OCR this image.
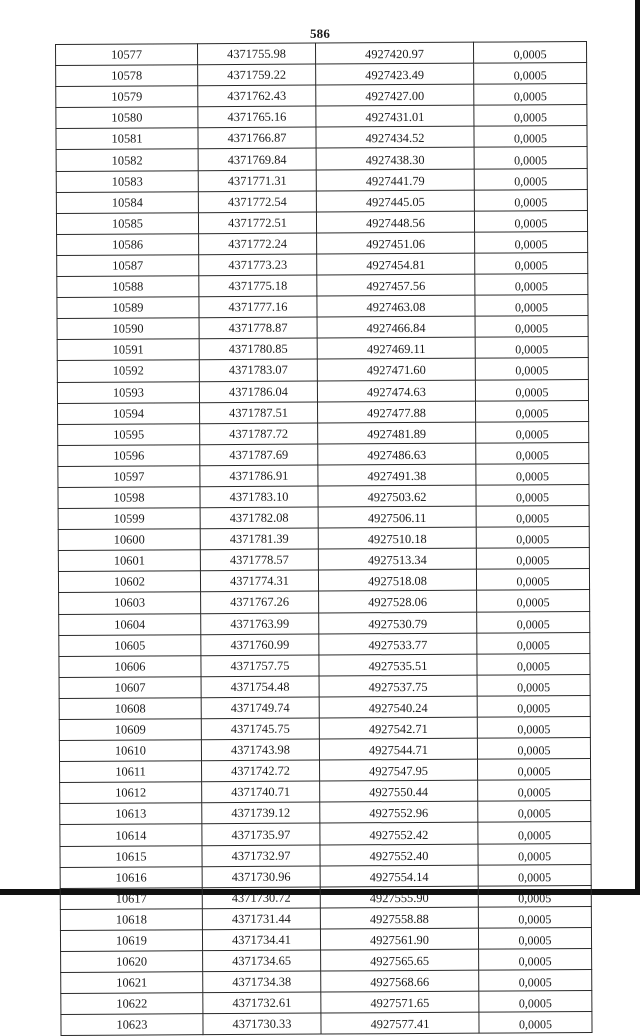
586
10577	4371755.98	4927420.97	0,0005
10578	4371759.22	4927423.49	0,0005
10579	4371762.43	4927427.00	0,0005
10580	4371765.16	4927431.01	0,0005
10581	4371766.87	4927434.52	0,0005
10582	4371769.84	4927438.30	0,0005
10583	4371771.31	4927441.79	0,0005
10584	4371772.54	4927445.05	0,0005
10585	4371772.51	4927448.56	0,0005
10586	4371772.24	4927451.06	0,0005
10587	4371773.23	4927454.81	0,0005
10588	4371775.18	4927457.56	0,0005
10589	4371777.16	4927463.08	0,0005
10590	4371778.87	4927466.84	0,0005
10591	4371780.85	4927469.11	0,0005
10592	4371783.07	4927471.60	0,0005
10593	4371786.04	4927474.63	0,0005
10594	4371787.51	4927477.88	0,0005
10595	4371787.72	4927481.89	0,0005
10596	4371787.69	4927486.63	0,0005
10597	4371786.91	4927491.38	0,0005
10598	4371783.10	4927503.62	0,0005
10599	4371782.08	4927506.11	0,0005
10600	4371781.39	4927510.18	0,0005
10601	4371778.57	4927513.34	0,0005
10602	4371774.31	4927518.08	0,0005
10603	4371767.26	4927528.06	0,0005
10604	4371763.99	4927530.79	0,0005
10605	4371760.99	4927533.77	0,0005
10606	4371757.75	4927535.51	0,0005
10607	4371754.48	4927537.75	0,0005
10608	4371749.74	4927540.24	0,0005
10609	4371745.75	4927542.71	0,0005
10610	4371743.98	4927544.71	0,0005
10611	4371742.72	4927547.95	0,0005
10612	4371740.71	4927550.44	0,0005
10613	4371739.12	4927552.96	0,0005
10614	4371735.97	4927552.42	0,0005
10615	4371732.97	4927552.40	0,0005
10616	4371730.96	4927554.14	0,0005
10617	4371730.72	4927555.90	0,0005
10618	4371731.44	4927558.88	0,0005
10619	4371734.41	4927561.90	0,0005
10620	4371734.65	4927565.65	0,0005
10621	4371734.38	4927568.66	0,0005
10622	4371732.61	4927571.65	0,0005
10623	4371730.33	4927577.41	0,0005
